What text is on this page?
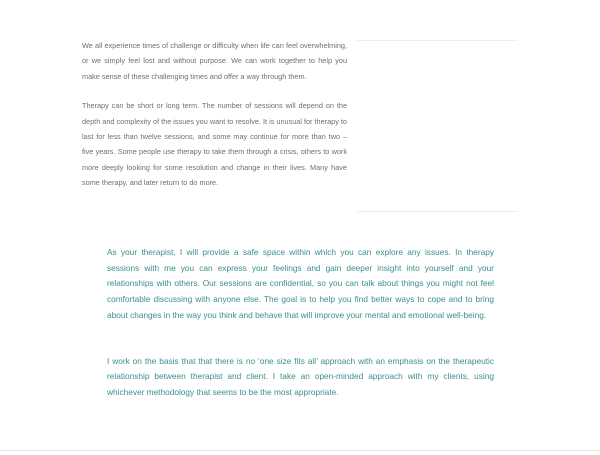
We all experience times of challenge or difficulty when life can feel overwhelming, or we simply feel lost and without purpose. We can work together to help you make sense of these challenging times and offer a way through them.

Therapy can be short or long term. The number of sessions will depend on the depth and complexity of the issues you want to resolve. It is unusual for therapy to last for less than twelve sessions, and some may continue for more than two – five years. Some people use therapy to take them through a crisis, others to work more deeply looking for some resolution and change in their lives. Many have some therapy, and later return to do more.

As your therapist, I will provide a safe space within which you can explore any issues. In therapy sessions with me you can express your feelings and gain deeper insight into yourself and your relationships with others. Our sessions are confidential, so you can talk about things you might not feel comfortable discussing with anyone else. The goal is to help you find better ways to cope and to bring about changes in the way you think and behave that will improve your mental and emotional well-being.

I work on the basis that that there is no ‘one size fits all’ approach with an emphasis on the therapeutic relationship between therapist and client. I take an open-minded approach with my clients, using whichever methodology that seems to be the most appropriate.
